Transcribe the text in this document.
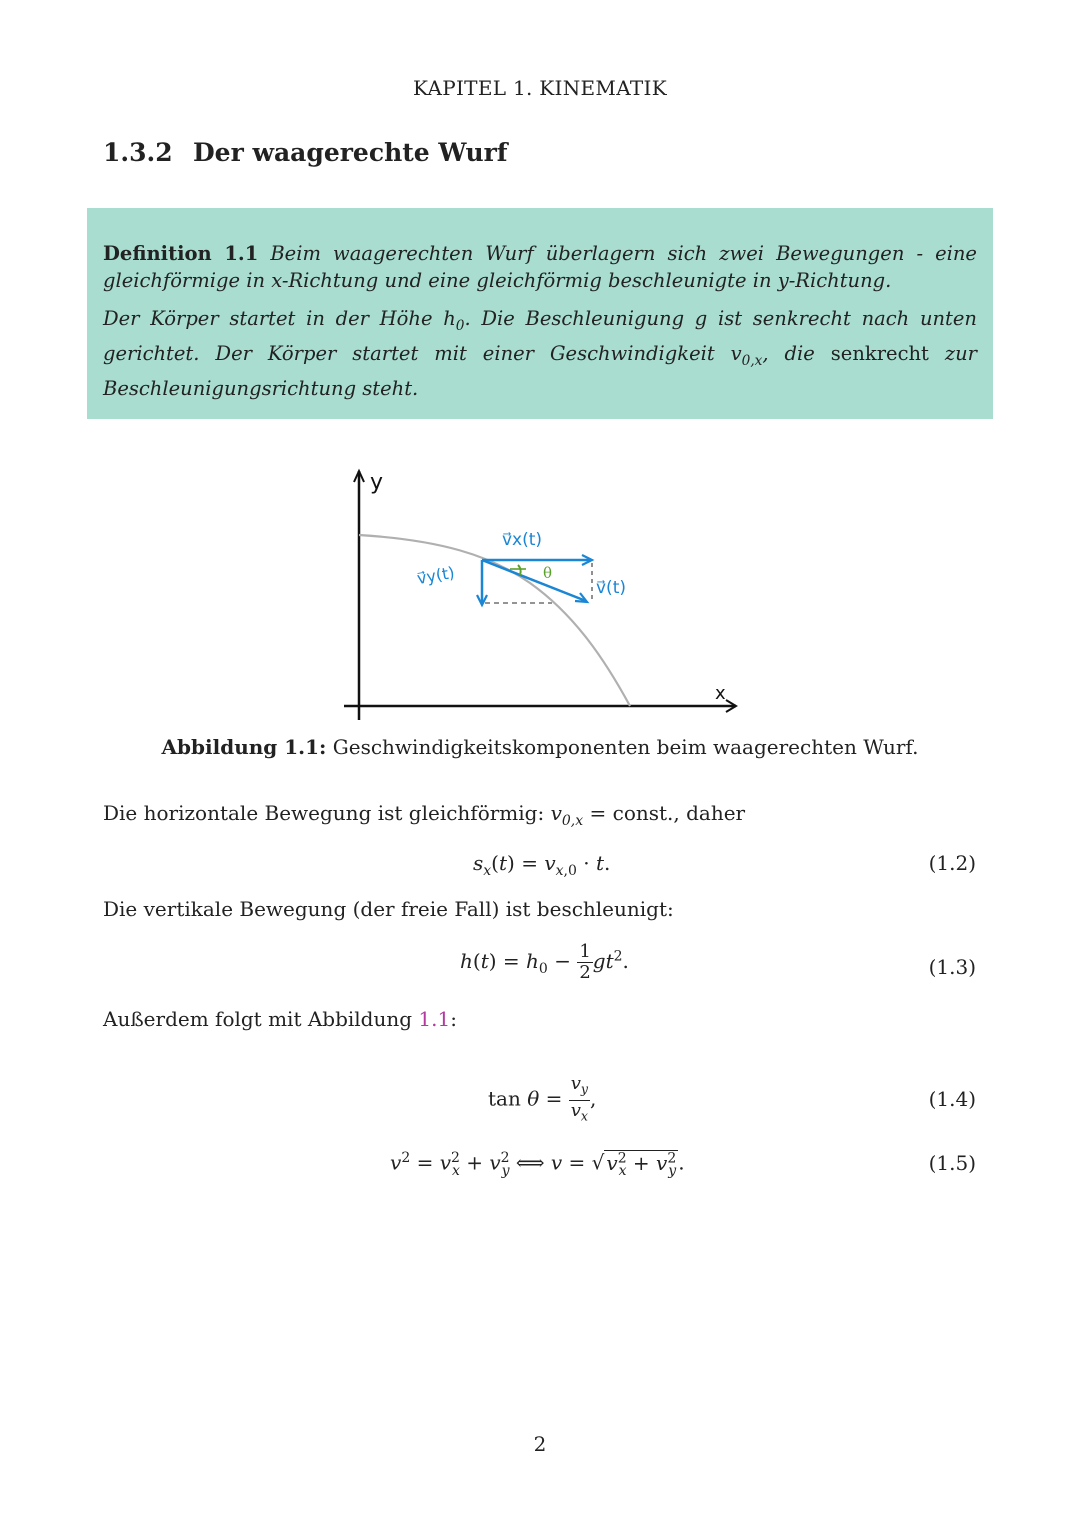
KAPITEL 1. KINEMATIK
1.3.2 Der waagerechte Wurf

Definition 1.1 Beim waagerechten Wurf überlagern sich zwei Bewegungen - eine gleichförmige in x-Richtung und eine gleichförmig beschleunigte in y-Richtung.

Der Körper startet in der Höhe $h_0$. Die Beschleunigung g ist senkrecht nach unten gerichtet. Der Körper startet mit einer Geschwindigkeit $v_{0,x}$, die senkrecht zur Beschleunigungsrichtung steht.

y
x
θ
v⃗x(t)
v⃗y(t)	v⃗(t)
Abbildung 1.1: Geschwindigkeitskomponenten beim waagerechten Wurf.
Die horizontale Bewegung ist gleichförmig: $v_{0,x}$ = const., daher
$s_x(t) = v_{x,0} \cdot t$.	(1.2)
Die vertikale Bewegung (der freie Fall) ist beschleunigt:
$h(t) = h_0 - \frac{1}{2} gt^2$.	(1.3)
Außerdem folgt mit Abbildung 1.1:
$\tan \theta = \frac{v_y}{v_x}$ ,	(1.4)
$v^2 = v^2_x + v^2_y$ ⟺ v = √ $v^2_x + v^2_y$ .	(1.5)
2
